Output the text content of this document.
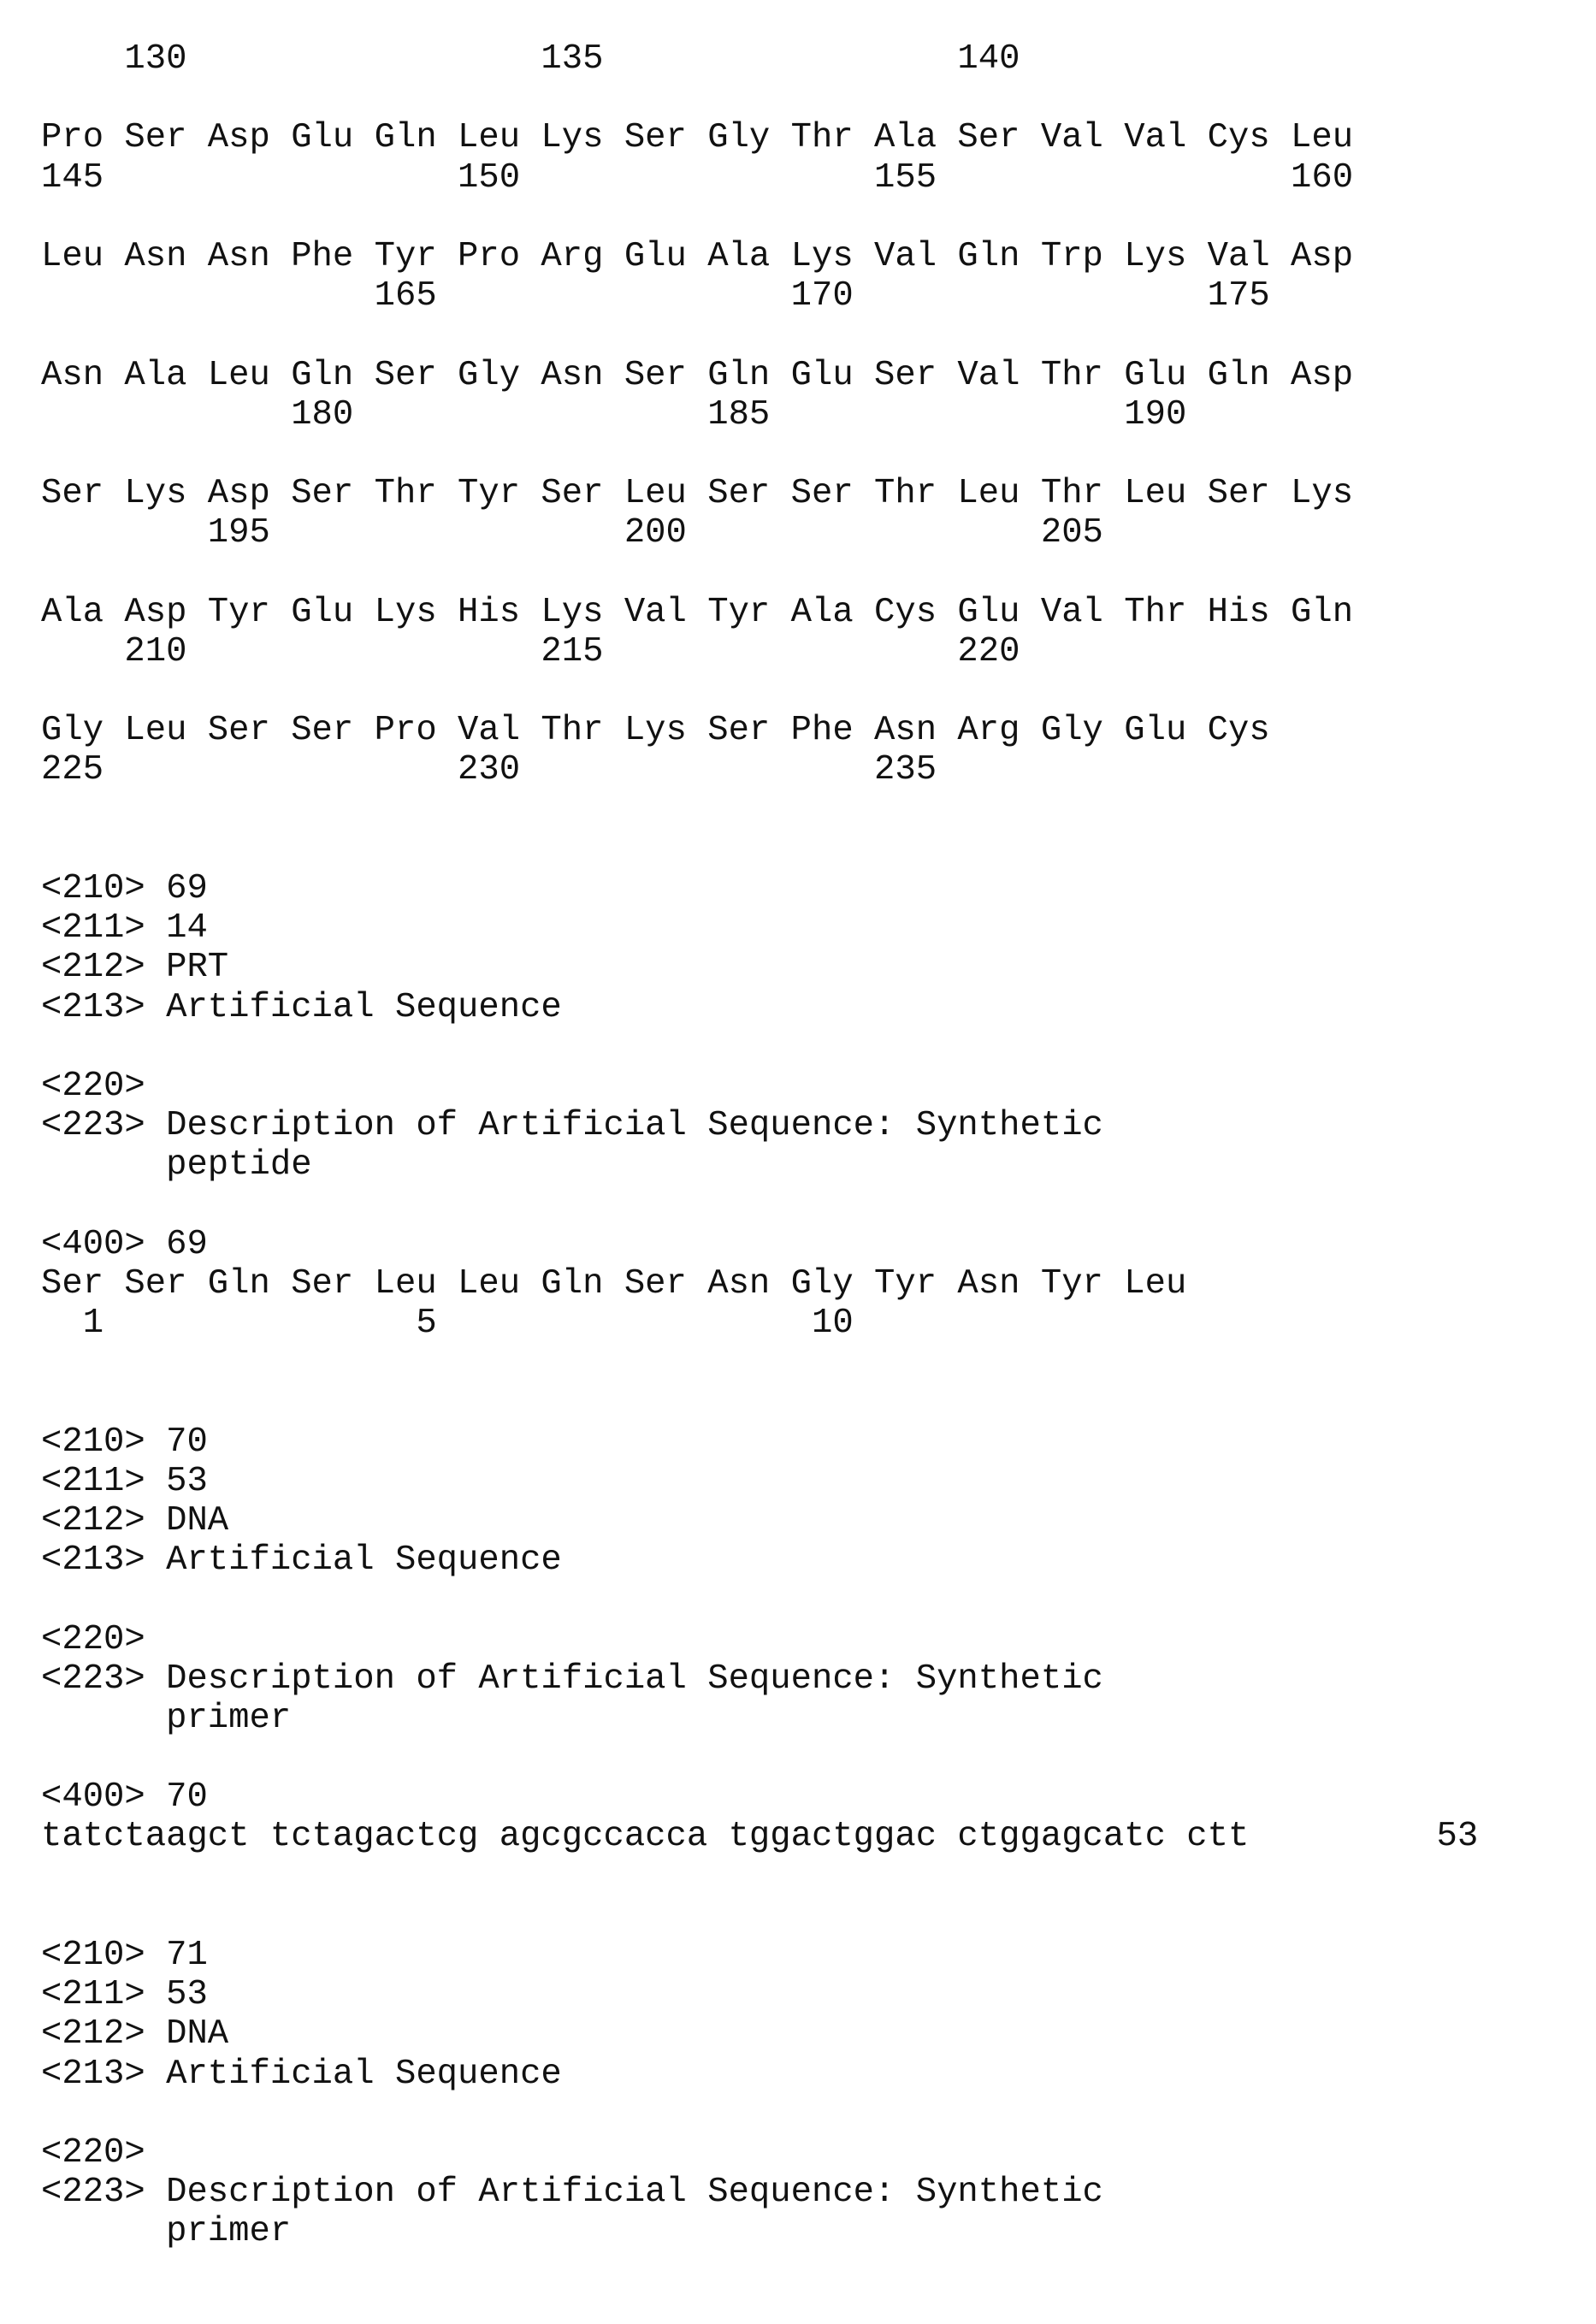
130                 135                 140
Pro Ser Asp Glu Gln Leu Lys Ser Gly Thr Ala Ser Val Val Cys Leu
145                 150                 155                 160
Leu Asn Asn Phe Tyr Pro Arg Glu Ala Lys Val Gln Trp Lys Val Asp
165                 170                 175
Asn Ala Leu Gln Ser Gly Asn Ser Gln Glu Ser Val Thr Glu Gln Asp
180                 185                 190
Ser Lys Asp Ser Thr Tyr Ser Leu Ser Ser Thr Leu Thr Leu Ser Lys
195                 200                 205
Ala Asp Tyr Glu Lys His Lys Val Tyr Ala Cys Glu Val Thr His Gln
210                 215                 220
Gly Leu Ser Ser Pro Val Thr Lys Ser Phe Asn Arg Gly Glu Cys
225                 230                 235
<210> 69
<211> 14
<212> PRT
<213> Artificial Sequence
<220>
<223> Description of Artificial Sequence: Synthetic
peptide
<400> 69
Ser Ser Gln Ser Leu Leu Gln Ser Asn Gly Tyr Asn Tyr Leu
1               5                  10
<210> 70
<211> 53
<212> DNA
<213> Artificial Sequence
<220>
<223> Description of Artificial Sequence: Synthetic
primer
<400> 70
tatctaagct tctagactcg agcgccacca tggactggac ctggagcatc ctt         53
<210> 71
<211> 53
<212> DNA
<213> Artificial Sequence
<220>
<223> Description of Artificial Sequence: Synthetic
primer
